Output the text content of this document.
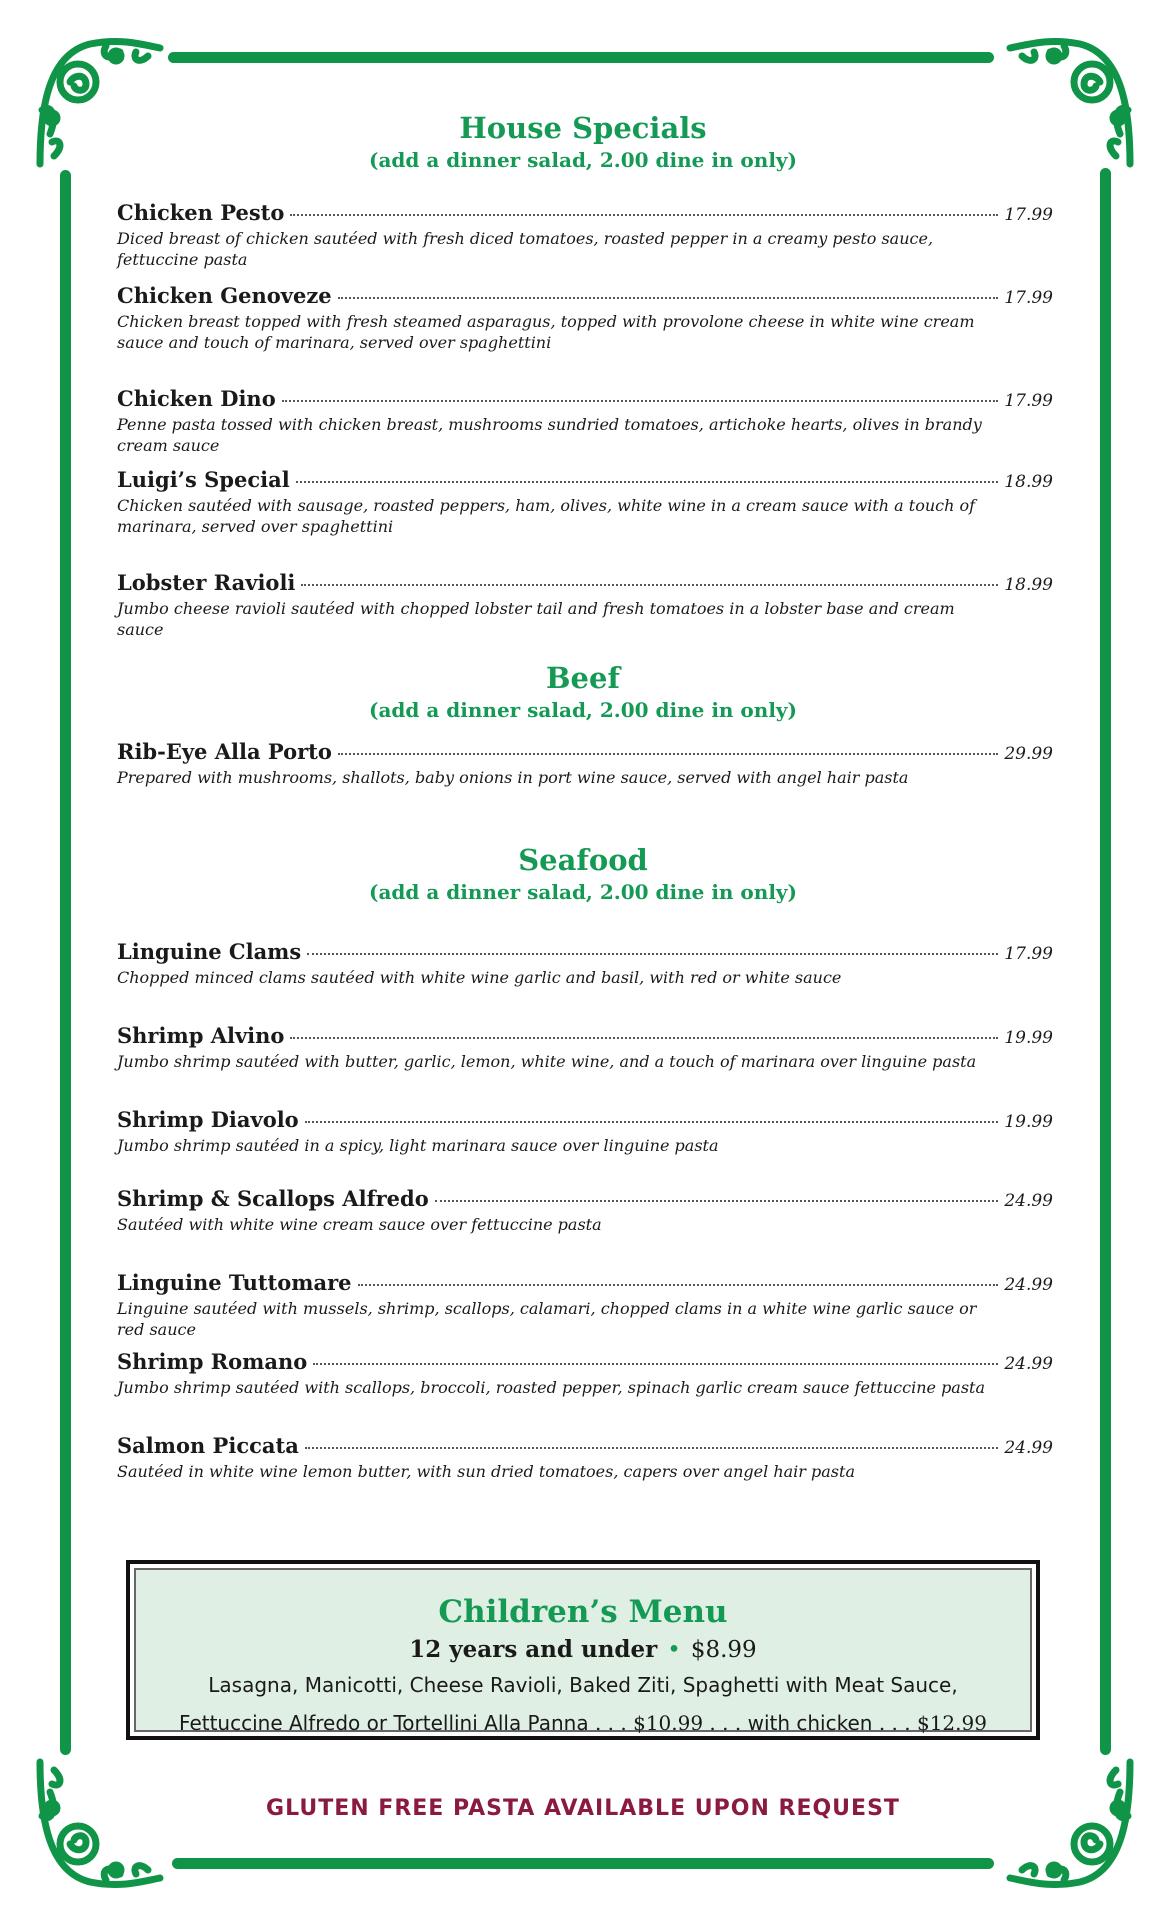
House Specials
(add a dinner salad, 2.00 dine in only)
Chicken Pesto	17.99
Diced breast of chicken sautéed with fresh diced tomatoes, roasted pepper in a creamy pesto sauce, fettuccine pasta
Chicken Genoveze	17.99
Chicken breast topped with fresh steamed asparagus, topped with provolone cheese in white wine cream sauce and touch of marinara, served over spaghettini
Chicken Dino	17.99
Penne pasta tossed with chicken breast, mushrooms sundried tomatoes, artichoke hearts, olives in brandy cream sauce
Luigi’s Special	18.99
Chicken sautéed with sausage, roasted peppers, ham, olives, white wine in a cream sauce with a touch of marinara, served over spaghettini
Lobster Ravioli	18.99
Jumbo cheese ravioli sautéed with chopped lobster tail and fresh tomatoes in a lobster base and cream sauce
Beef
(add a dinner salad, 2.00 dine in only)
Rib-Eye Alla Porto	29.99
Prepared with mushrooms, shallots, baby onions in port wine sauce, served with angel hair pasta
Seafood
(add a dinner salad, 2.00 dine in only)
Linguine Clams	17.99
Chopped minced clams sautéed with white wine garlic and basil, with red or white sauce
Shrimp Alvino	19.99
Jumbo shrimp sautéed with butter, garlic, lemon, white wine, and a touch of marinara over linguine pasta
Shrimp Diavolo	19.99
Jumbo shrimp sautéed in a spicy, light marinara sauce over linguine pasta
Shrimp & Scallops Alfredo	24.99
Sautéed with white wine cream sauce over fettuccine pasta
Linguine Tuttomare	24.99
Linguine sautéed with mussels, shrimp, scallops, calamari, chopped clams in a white wine garlic sauce or red sauce
Shrimp Romano	24.99
Jumbo shrimp sautéed with scallops, broccoli, roasted pepper, spinach garlic cream sauce fettuccine pasta
Salmon Piccata	24.99
Sautéed in white wine lemon butter, with sun dried tomatoes, capers over angel hair pasta
Children’s Menu
12 years and under • $8.99
Lasagna, Manicotti, Cheese Ravioli, Baked Ziti, Spaghetti with Meat Sauce,
Fettuccine Alfredo or Tortellini Alla Panna . . . $10.99 . . . with chicken . . . $12.99
GLUTEN FREE PASTA AVAILABLE UPON REQUEST
